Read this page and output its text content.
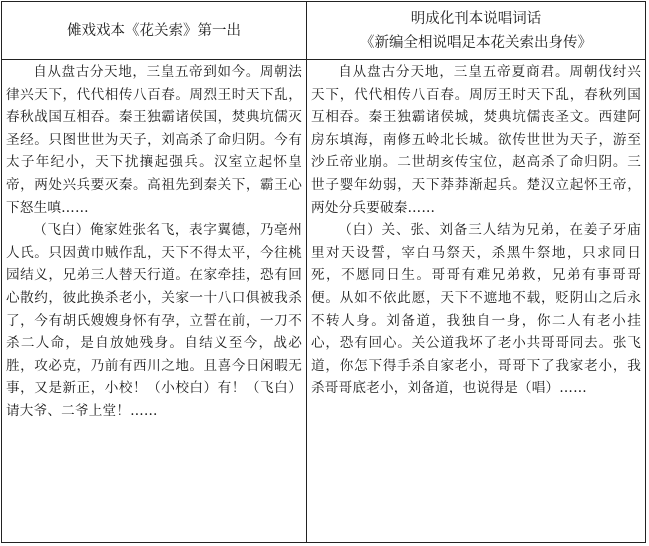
傩戏戏本《花关索》第一出
明成化刊本说唱词话
《新编全相说唱足本花关索出身传》

自从盘古分天地，三皇五帝到如今。周朝法律兴天下，代代相传八百春。周烈王时天下乱，春秋战国互相吞。秦王独霸诸侯国，焚典坑儒灭圣经。只图世世为天子，刘高杀了命归阴。今有太子年纪小，天下扰攘起强兵。汉室立起怀皇帝，两处兴兵要灭秦。高祖先到秦关下，霸王心下怒生嗔……

（飞白）俺家姓张名飞，表字翼德，乃亳州人氏。只因黄巾贼作乱，天下不得太平，今往桃园结义，兄弟三人替天行道。在家牵挂，恐有回心散约，彼此换杀老小，关家一十八口俱被我杀了，今有胡氏嫂嫂身怀有孕，立誓在前，一刀不杀二人命，是自放她残身。自结义至今，战必胜，攻必克，乃前有西川之地。且喜今日闲暇无事，又是新正，小校！（小校白）有！（飞白）请大爷、二爷上堂！……

自从盘古分天地，三皇五帝夏商君。周朝伐纣兴天下，代代相传八百春。周厉王时天下乱，春秋列国互相吞。秦王独霸诸侯城，焚典坑儒丧圣文。西建阿房东填海，南修五岭北长城。欲传世世为天子，游至沙丘帝业崩。二世胡亥传宝位，赵高杀了命归阴。三世子婴年幼弱，天下莽莽渐起兵。楚汉立起怀王帝，两处分兵要破秦……

（白）关、张、刘备三人结为兄弟，在姜子牙庙里对天设誓，宰白马祭天，杀黑牛祭地，只求同日死，不愿同日生。哥哥有难兄弟救，兄弟有事哥哥便。从如不依此愿，天下不遮地不载，贬阴山之后永不转人身。刘备道，我独自一身，你二人有老小挂心，恐有回心。关公道我坏了老小共哥哥同去。张飞道，你怎下得手杀自家老小，哥哥下了我家老小，我杀哥哥底老小，刘备道，也说得是（唱）……
